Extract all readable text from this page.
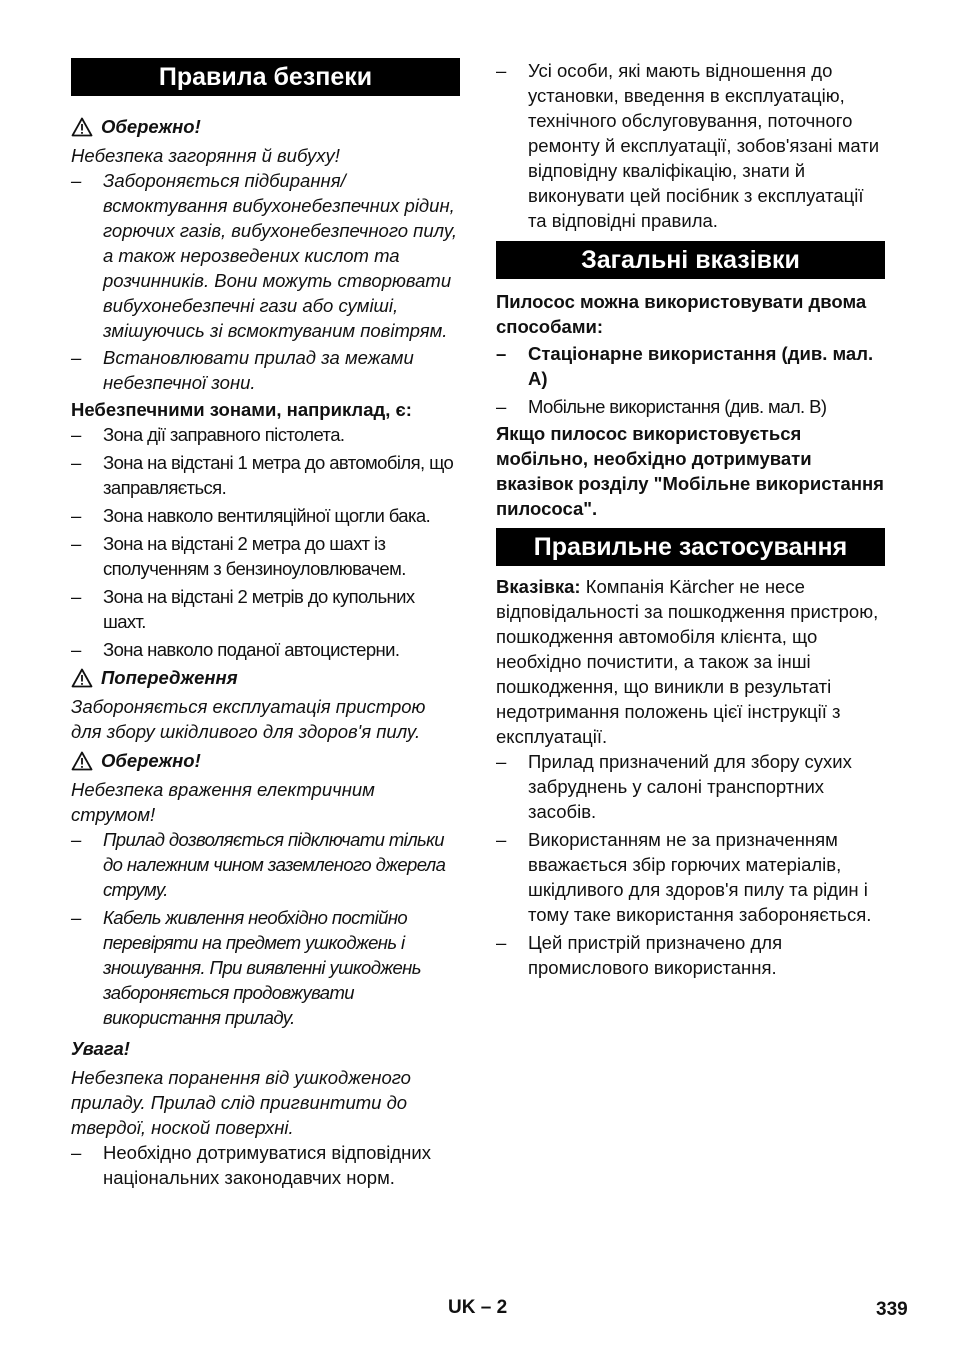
Правила безпеки
Обережно!

Небезпека загоряння й вибуху!

–	Забороняється підбирання/ всмоктування вибухонебезпечних рідин, горючих газів, вибухонебезпечного пилу, а також нерозведених кислот та розчинників. Вони можуть створювати вибухонебезпечні гази або суміші, змішуючись зі всмоктуваним повітрям.
–	Встановлювати прилад за межами небезпечної зони.

Небезпечними зонами, наприклад, є:

–	Зона дії заправного пістолета.
–	Зона на відстані 1 метра до автомобіля, що заправляється.
–	Зона навколо вентиляційної щогли бака.
–	Зона на відстані 2 метра до шахт із сполученням з бензиноуловлювачем.
–	Зона на відстані 2 метрів до купольних шахт.
–	Зона навколо поданої автоцистерни.
Попередження

Забороняється експлуатація пристрою для збору шкідливого для здоров'я пилу.

Обережно!

Небезпека враження електричним струмом!

–	Прилад дозволяється підключати тільки до належним чином заземленого джерела струму.
–	Кабель живлення необхідно постійно перевіряти на предмет ушкоджень і зношування. При виявленні ушкоджень забороняється продовжувати використання приладу.

Увага!

Небезпека поранення від ушкодженого приладу. Прилад слід пригвинтити до твердої, ноской поверхні.

–	Необхідно дотримуватися відповідних національних законодавчих норм.
–	Усі особи, які мають відношення до установки, введення в експлуатацію, технічного обслуговування, поточного ремонту й експлуатації, зобов'язані мати відповідну кваліфікацію, знати й виконувати цей посібник з експлуатації та відповідні правила.
Загальні вказівки

Пилосос можна використовувати двома способами:

–	Стаціонарне використання (див. мал. A)
–	Мобільне використання (див. мал. B)

Якщо пилосос використовується мобільно, необхідно дотримувати вказівок розділу "Мобільне використання пилососа".

Правильне застосування

Вказівка: Компанія Kärcher не несе відповідальності за пошкодження пристрою, пошкодження автомобіля клієнта, що необхідно почистити, а також за інші пошкодження, що виникли в результаті недотримання положень цієї інструкції з експлуатації.

–	Прилад призначений для збору сухих забруднень у салоні транспортних засобів.
–	Використанням не за призначенням вважається збір горючих матеріалів, шкідливого для здоров'я пилу та рідин і тому таке використання забороняється.
–	Цей пристрій призначено для промислового використання.
UK – 2	339
